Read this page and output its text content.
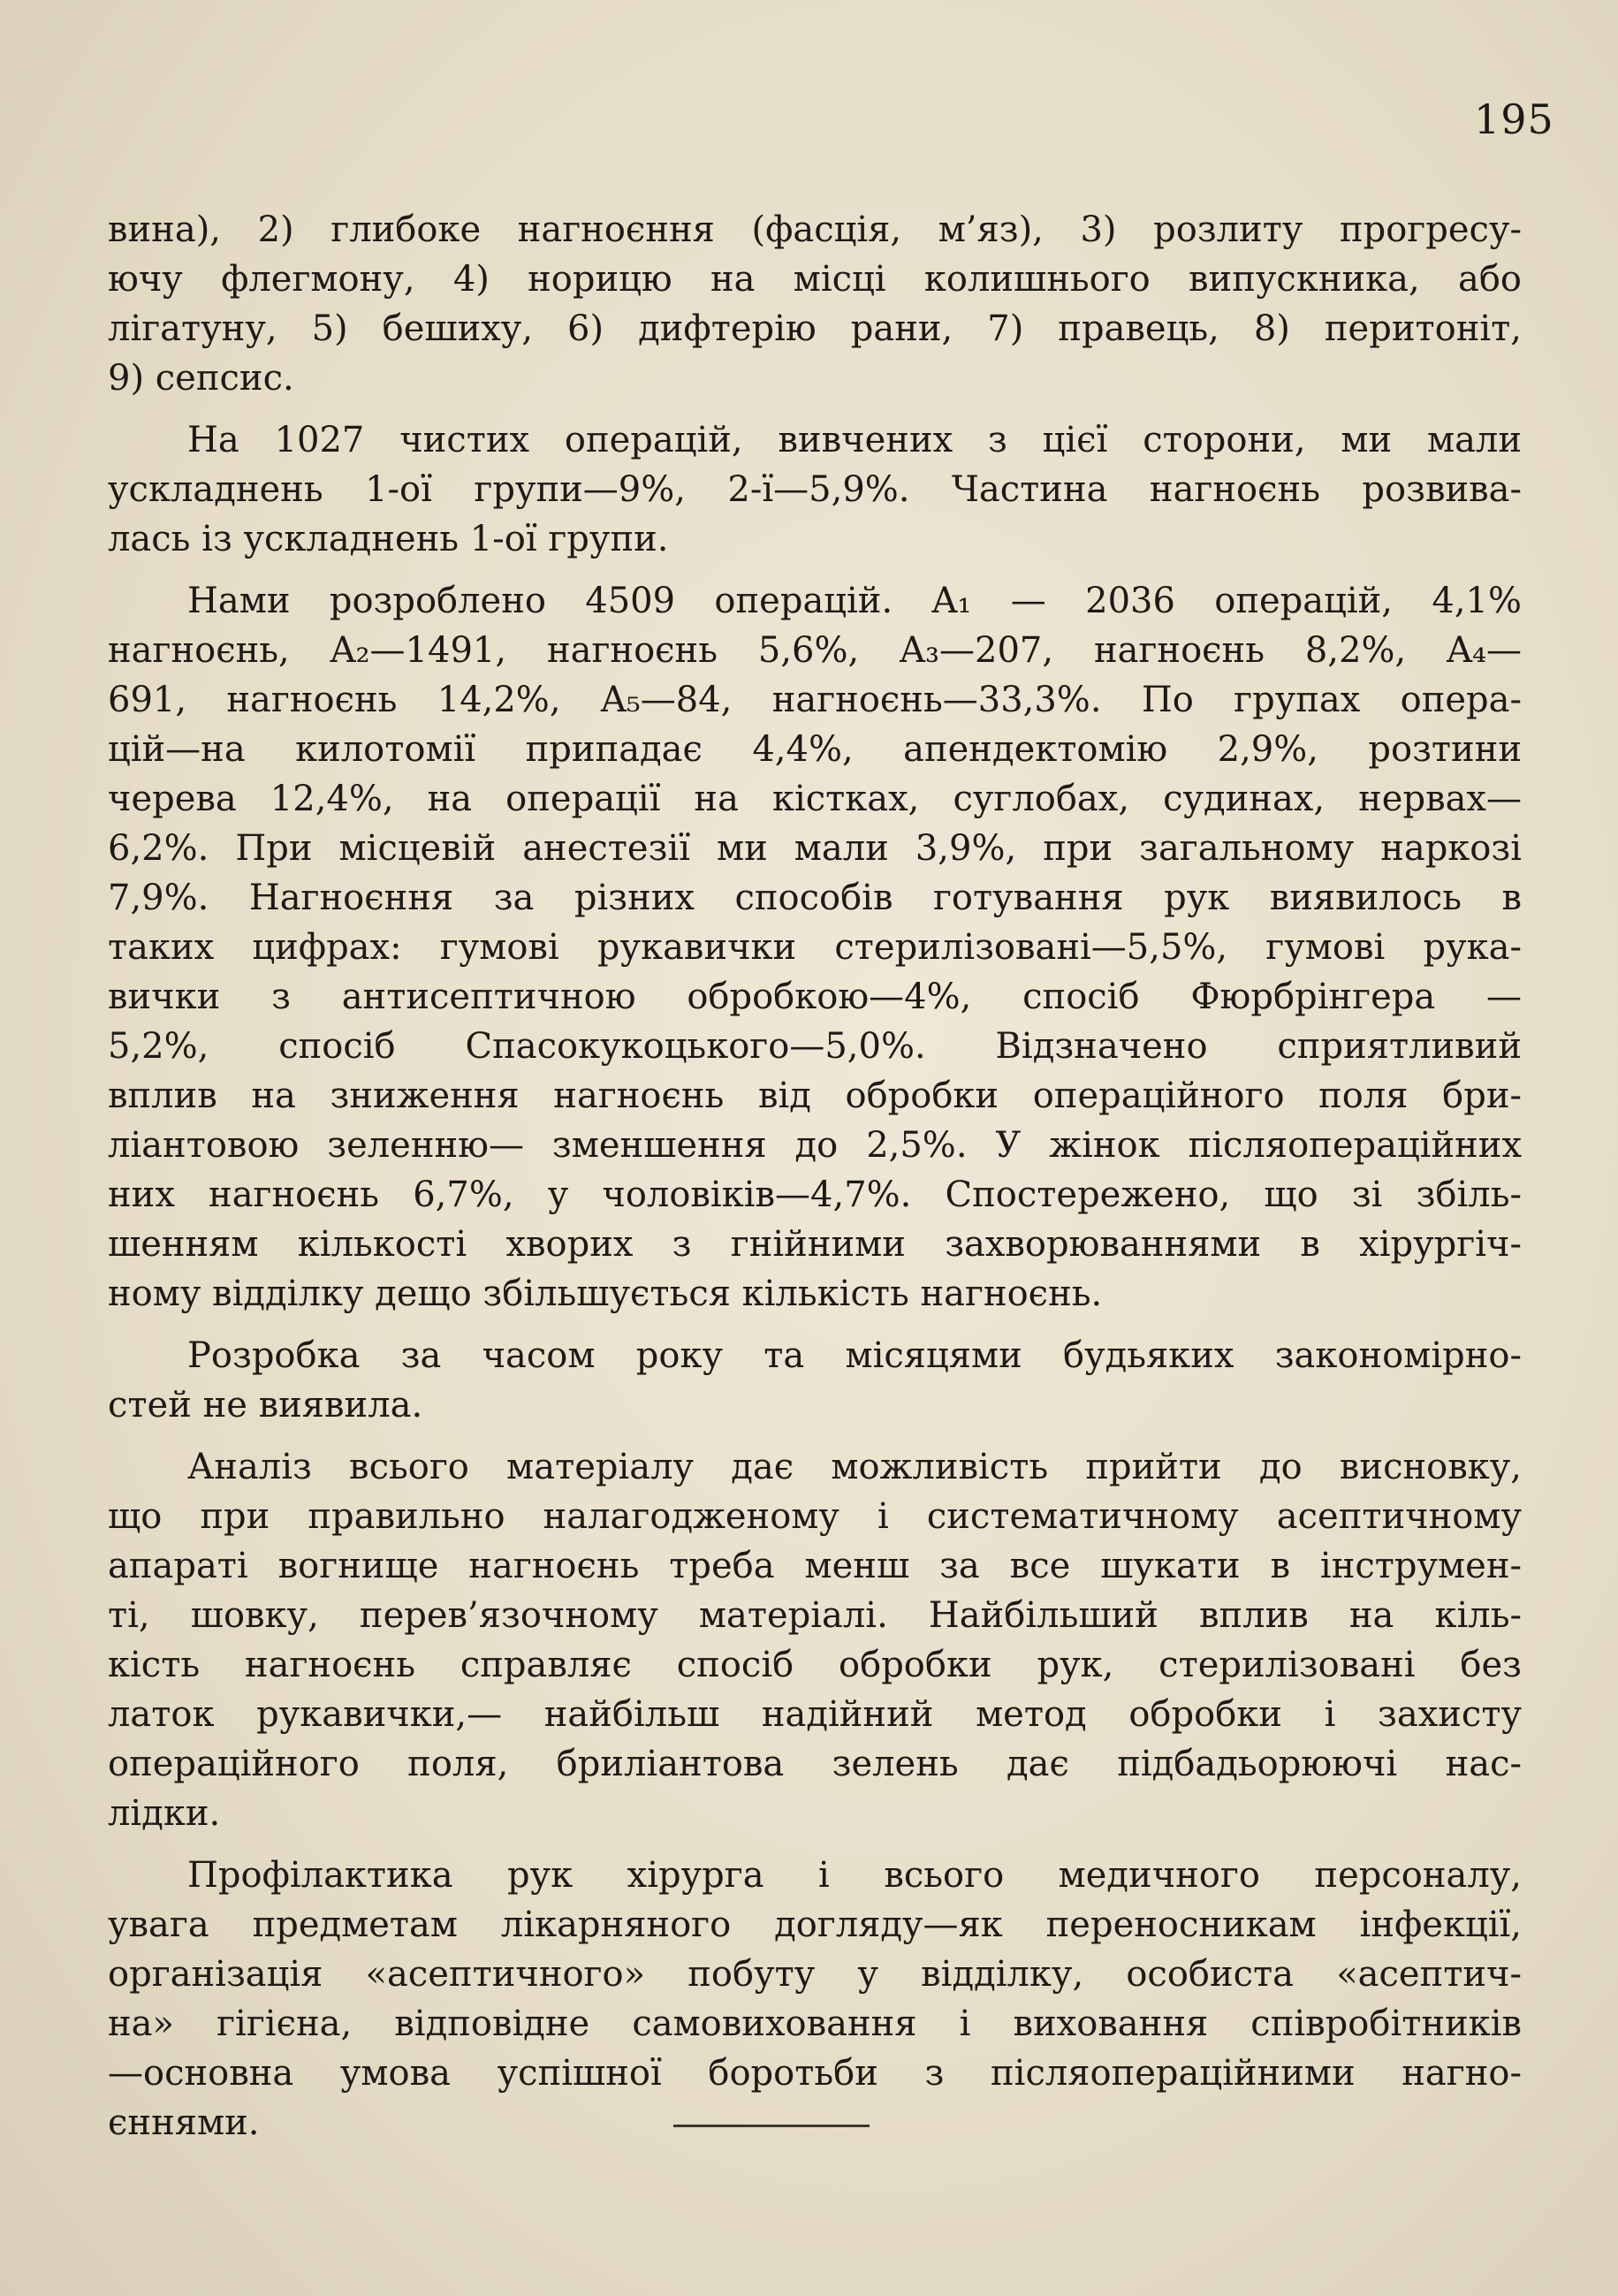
195
вина), 2) глибоке нагноєння (фасція, м’яз), 3) розлиту прогресу-
ючу флегмону, 4) норицю на місці колишнього випускника, або
лігатуну, 5) бешиху, 6) дифтерію рани, 7) правець, 8) перитоніт,
9) сепсис.
На 1027 чистих операцій, вивчених з цієї сторони, ми мали
ускладнень 1-ої групи—9%, 2-ї—5,9%. Частина нагноєнь розвива-
лась із ускладнень 1-ої групи.
Нами розроблено 4509 операцій. A₁ — 2036 операцій, 4,1%
нагноєнь, A₂—1491, нагноєнь 5,6%, A₃—207, нагноєнь 8,2%, A₄—
691, нагноєнь 14,2%, A₅—84, нагноєнь—33,3%. По групах опера-
цій—на килотомії припадає 4,4%, апендектомію 2,9%, розтини
черева 12,4%, на операції на кістках, суглобах, судинах, нервах—
6,2%. При місцевій анестезії ми мали 3,9%, при загальному наркозі
7,9%. Нагноєння за різних способів готування рук виявилось в
таких цифрах: гумові рукавички стерилізовані—5,5%, гумові рука-
вички з антисептичною обробкою—4%, спосіб Фюрбрінгера —
5,2%, спосіб Спасокукоцького—5,0%. Відзначено сприятливий
вплив на зниження нагноєнь від обробки операційного поля бри-
ліантовою зеленню— зменшення до 2,5%. У жінок післяопераційних
них нагноєнь 6,7%, у чоловіків—4,7%. Спостережено, що зі збіль-
шенням кількості хворих з гнійними захворюваннями в хірургіч-
ному відділку дещо збільшується кількість нагноєнь.
Розробка за часом року та місяцями будьяких закономірно-
стей не виявила.
Аналіз всього матеріалу дає можливість прийти до висновку,
що при правильно налагодженому і систематичному асептичному
апараті вогнище нагноєнь треба менш за все шукати в інструмен-
ті, шовку, перев’язочному матеріалі. Найбільший вплив на кіль-
кість нагноєнь справляє спосіб обробки рук, стерилізовані без
латок рукавички,— найбільш надійний метод обробки і захисту
операційного поля, бриліантова зелень дає підбадьорюючі нас-
лідки.
Профілактика рук хірурга і всього медичного персоналу,
увага предметам лікарняного догляду—як переносникам інфекції,
організація «асептичного» побуту у відділку, особиста «асептич-
на» гігієна, відповідне самовиховання і виховання співробітників
—основна умова успішної боротьби з післяопераційними нагно-
єннями.
